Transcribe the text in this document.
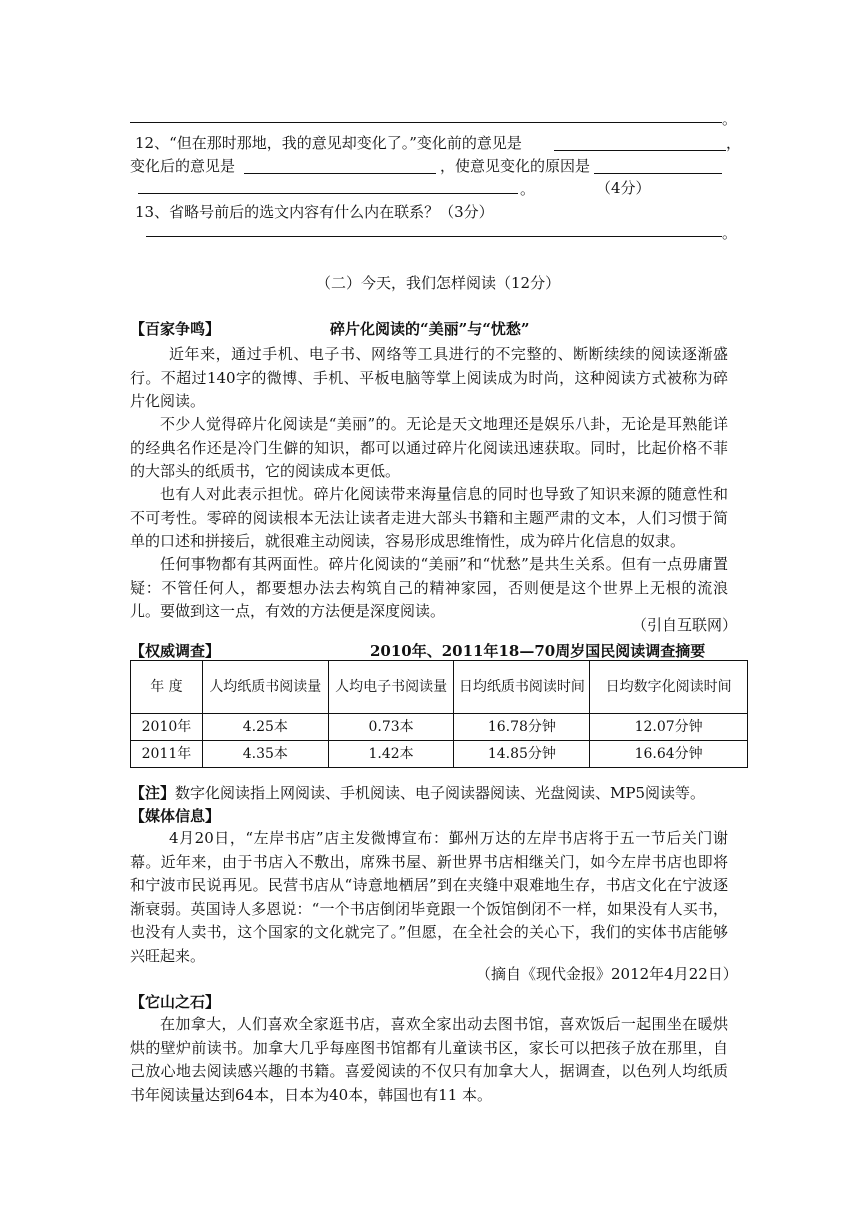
。
12、“但在那时那地，我的意见却变化了。”变化前的意见是	，
变化后的意见是	，使意见变化的原因是
。	（4分）
13、省略号前后的选文内容有什么内在联系？（3分）
。
（二）今天，我们怎样阅读（12分）
【百家争鸣】	碎片化阅读的“美丽”与“忧愁”
近年来，通过手机、电子书、网络等工具进行的不完整的、断断续续的阅读逐渐盛行。不超过140字的微博、手机、平板电脑等掌上阅读成为时尚，这种阅读方式被称为碎片化阅读。
不少人觉得碎片化阅读是“美丽”的。无论是天文地理还是娱乐八卦，无论是耳熟能详的经典名作还是冷门生僻的知识，都可以通过碎片化阅读迅速获取。同时，比起价格不菲的大部头的纸质书，它的阅读成本更低。
也有人对此表示担忧。碎片化阅读带来海量信息的同时也导致了知识来源的随意性和不可考性。零碎的阅读根本无法让读者走进大部头书籍和主题严肃的文本，人们习惯于简单的口述和拼接后，就很难主动阅读，容易形成思维惰性，成为碎片化信息的奴隶。
任何事物都有其两面性。碎片化阅读的“美丽”和“忧愁”是共生关系。但有一点毋庸置疑：不管任何人，都要想办法去构筑自己的精神家园，否则便是这个世界上无根的流浪儿。要做到这一点，有效的方法便是深度阅读。
（引自互联网）
【权威调查】	2010年、2011年18—70周岁国民阅读调查摘要
年 度	人均纸质书阅读量	人均电子书阅读量	日均纸质书阅读时间	日均数字化阅读时间
2010年	4.25本	0.73本	16.78分钟	12.07分钟
2011年	4.35本	1.42本	14.85分钟	16.64分钟
【注】数字化阅读指上网阅读、手机阅读、电子阅读器阅读、光盘阅读、MP5阅读等。
【媒体信息】
4月20日，“左岸书店”店主发微博宣布：鄞州万达的左岸书店将于五一节后关门谢幕。近年来，由于书店入不敷出，席殊书屋、新世界书店相继关门，如今左岸书店也即将和宁波市民说再见。民营书店从“诗意地栖居”到在夹缝中艰难地生存，书店文化在宁波逐渐衰弱。英国诗人多恩说：“一个书店倒闭毕竟跟一个饭馆倒闭不一样，如果没有人买书，也没有人卖书，这个国家的文化就完了。”但愿，在全社会的关心下，我们的实体书店能够兴旺起来。
（摘自《现代金报》2012年4月22日）
【它山之石】
在加拿大，人们喜欢全家逛书店，喜欢全家出动去图书馆，喜欢饭后一起围坐在暖烘烘的壁炉前读书。加拿大几乎每座图书馆都有儿童读书区，家长可以把孩子放在那里，自己放心地去阅读感兴趣的书籍。喜爱阅读的不仅只有加拿大人，据调查，以色列人均纸质书年阅读量达到64本，日本为40本，韩国也有11 本。
